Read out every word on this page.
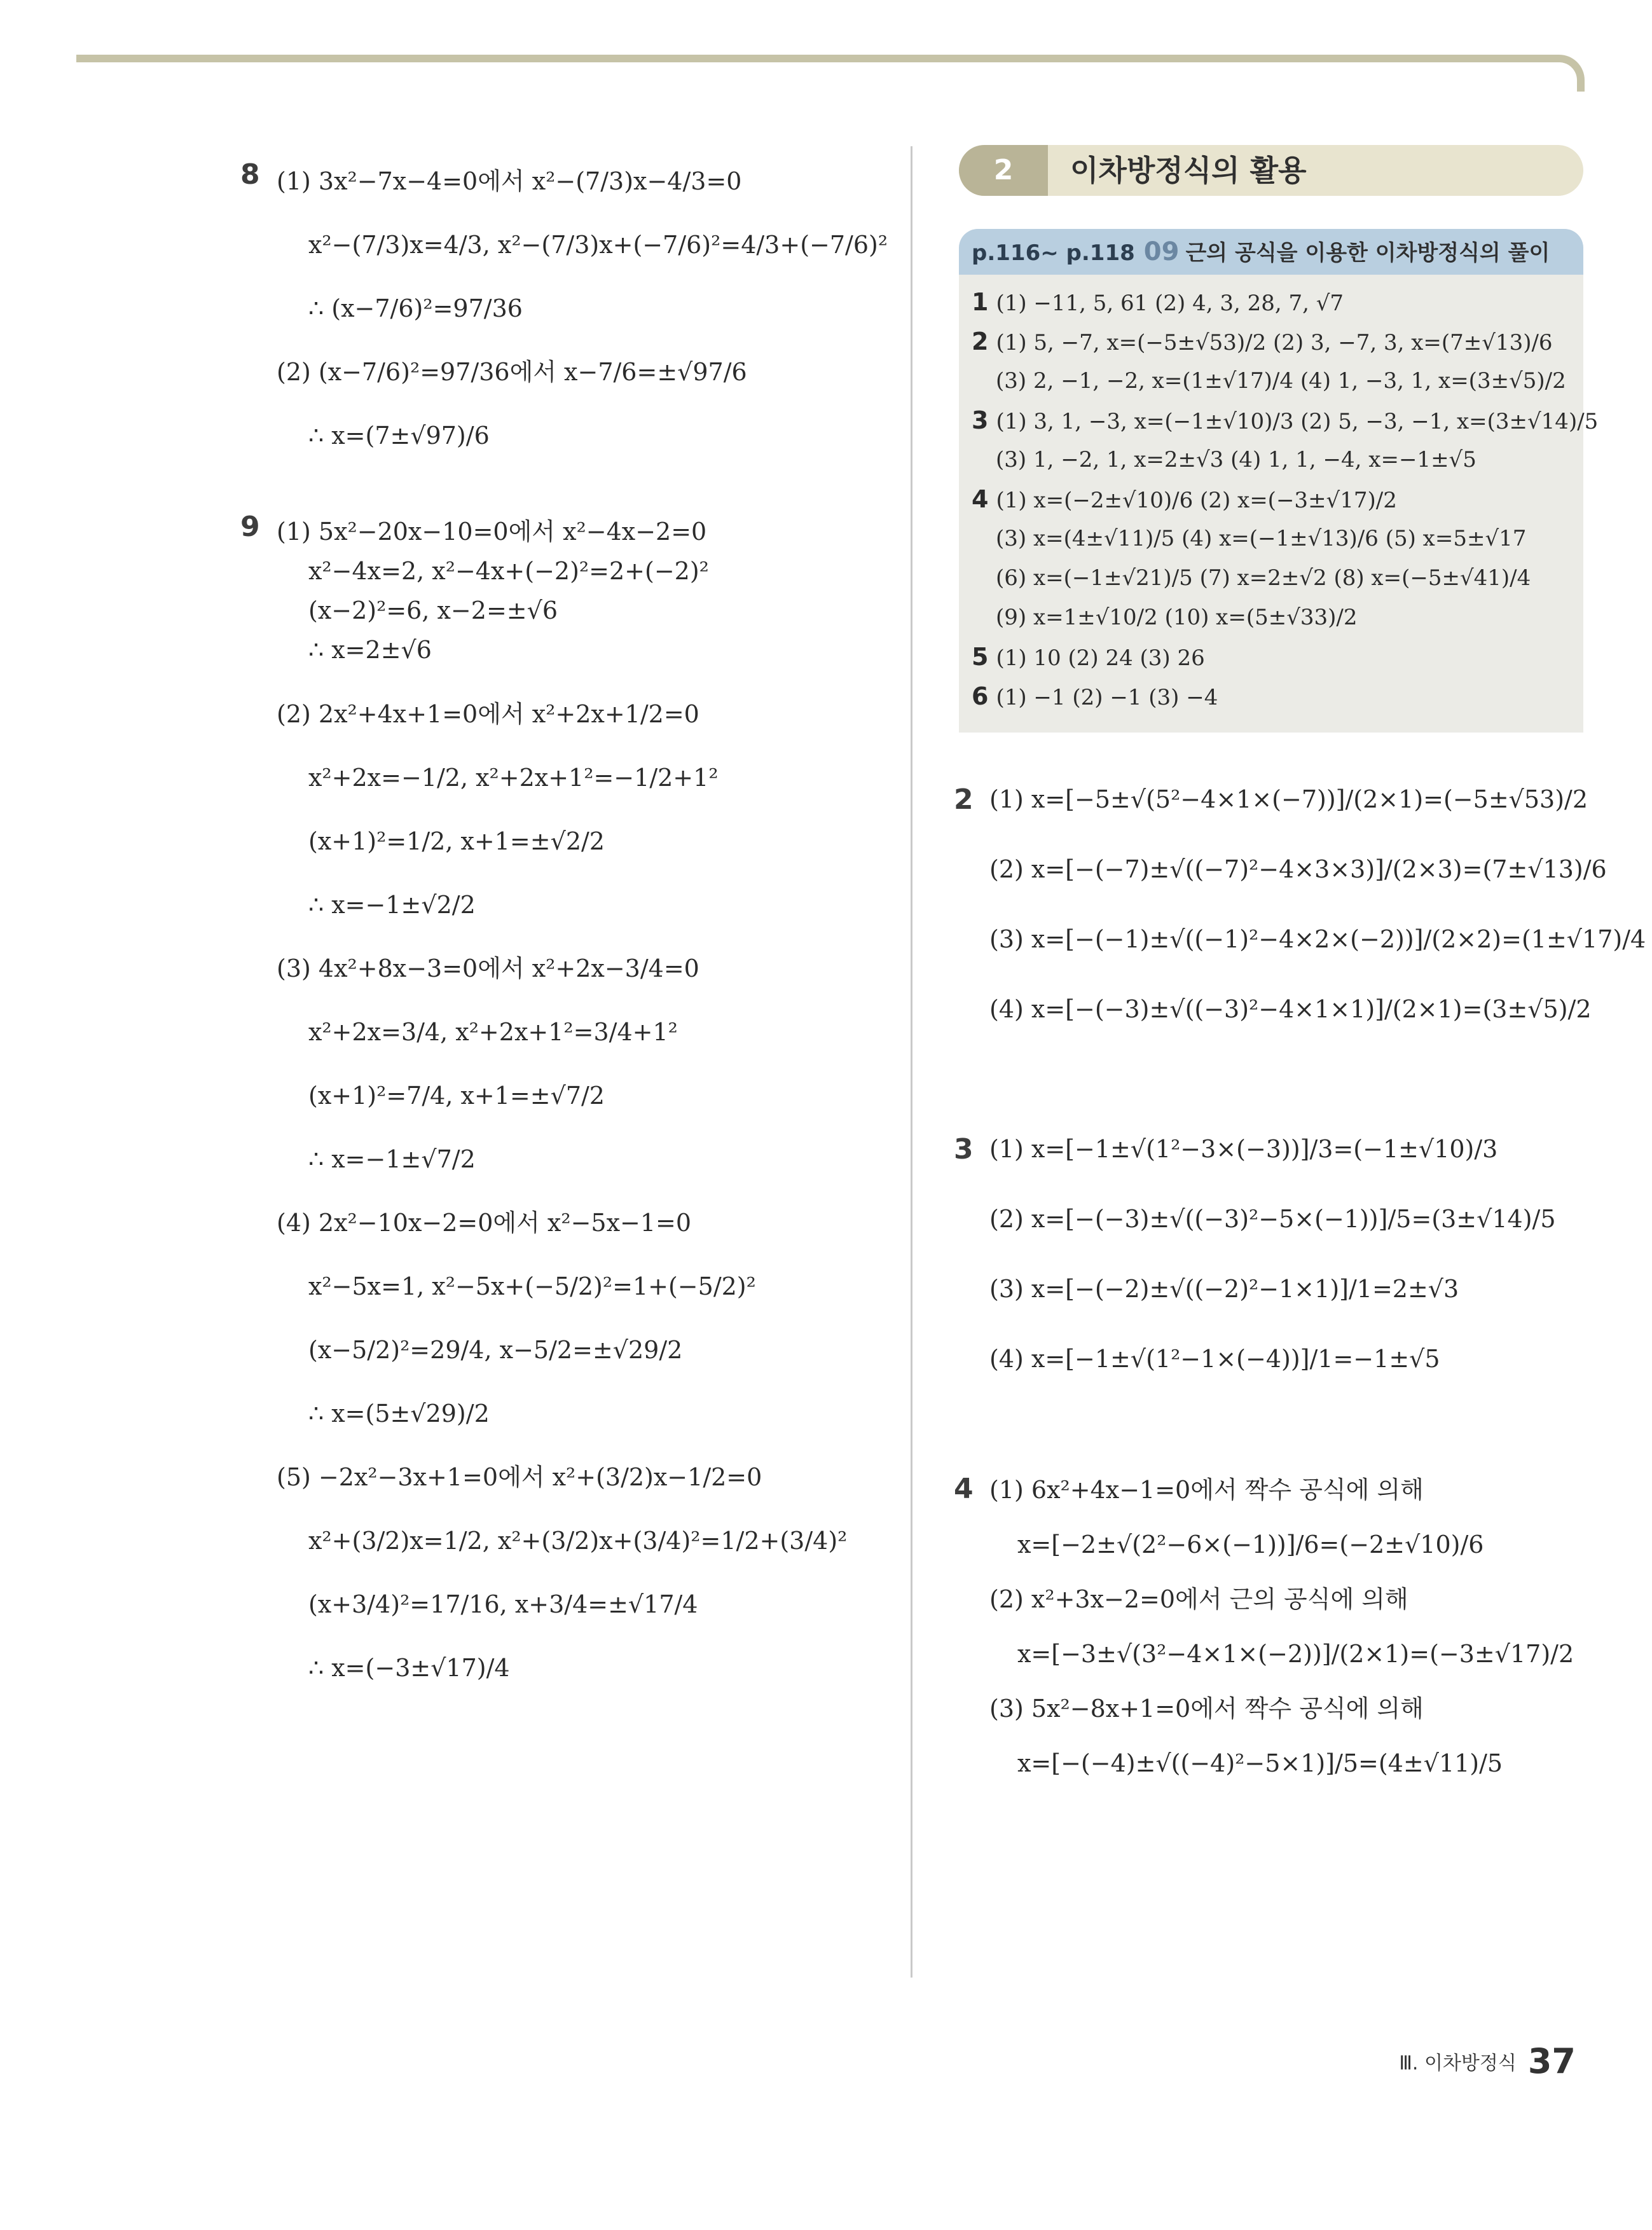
8 (1) 3x²−7x−4=0에서 x²−(7/3)x−4/3=0
x²−(7/3)x=4/3, x²−(7/3)x+(−7/6)²=4/3+(−7/6)²
∴ (x−7/6)²=97/36
(2) (x−7/6)²=97/36에서 x−7/6=±√97/6
∴ x=(7±√97)/6
9 (1) 5x²−20x−10=0에서 x²−4x−2=0
x²−4x=2, x²−4x+(−2)²=2+(−2)²
(x−2)²=6, x−2=±√6
∴ x=2±√6
(2) 2x²+4x+1=0에서 x²+2x+1/2=0
x²+2x=−1/2, x²+2x+1²=−1/2+1²
(x+1)²=1/2, x+1=±√2/2
∴ x=−1±√2/2
(3) 4x²+8x−3=0에서 x²+2x−3/4=0
x²+2x=3/4, x²+2x+1²=3/4+1²
(x+1)²=7/4, x+1=±√7/2
∴ x=−1±√7/2
(4) 2x²−10x−2=0에서 x²−5x−1=0
x²−5x=1, x²−5x+(−5/2)²=1+(−5/2)²
(x−5/2)²=29/4, x−5/2=±√29/2
∴ x=(5±√29)/2
(5) −2x²−3x+1=0에서 x²+(3/2)x−1/2=0
x²+(3/2)x=1/2, x²+(3/2)x+(3/4)²=1/2+(3/4)²
(x+3/4)²=17/16, x+3/4=±√17/4
∴ x=(−3±√17)/4
2	이차방정식의 활용
p.116~ p.118 09 근의 공식을 이용한 이차방정식의 풀이
1 (1) −11, 5, 61 (2) 4, 3, 28, 7, √7
2 (1) 5, −7, x=(−5±√53)/2 (2) 3, −7, 3, x=(7±√13)/6
(3) 2, −1, −2, x=(1±√17)/4 (4) 1, −3, 1, x=(3±√5)/2
3 (1) 3, 1, −3, x=(−1±√10)/3 (2) 5, −3, −1, x=(3±√14)/5
(3) 1, −2, 1, x=2±√3 (4) 1, 1, −4, x=−1±√5
4 (1) x=(−2±√10)/6 (2) x=(−3±√17)/2
(3) x=(4±√11)/5 (4) x=(−1±√13)/6 (5) x=5±√17
(6) x=(−1±√21)/5 (7) x=2±√2 (8) x=(−5±√41)/4
(9) x=1±√10/2 (10) x=(5±√33)/2
5 (1) 10 (2) 24 (3) 26
6 (1) −1 (2) −1 (3) −4
2 (1) x=[−5±√(5²−4×1×(−7))]/(2×1)=(−5±√53)/2
(2) x=[−(−7)±√((−7)²−4×3×3)]/(2×3)=(7±√13)/6
(3) x=[−(−1)±√((−1)²−4×2×(−2))]/(2×2)=(1±√17)/4
(4) x=[−(−3)±√((−3)²−4×1×1)]/(2×1)=(3±√5)/2
3 (1) x=[−1±√(1²−3×(−3))]/3=(−1±√10)/3
(2) x=[−(−3)±√((−3)²−5×(−1))]/5=(3±√14)/5
(3) x=[−(−2)±√((−2)²−1×1)]/1=2±√3
(4) x=[−1±√(1²−1×(−4))]/1=−1±√5
4 (1) 6x²+4x−1=0에서 짝수 공식에 의해
x=[−2±√(2²−6×(−1))]/6=(−2±√10)/6
(2) x²+3x−2=0에서 근의 공식에 의해
x=[−3±√(3²−4×1×(−2))]/(2×1)=(−3±√17)/2
(3) 5x²−8x+1=0에서 짝수 공식에 의해
x=[−(−4)±√((−4)²−5×1)]/5=(4±√11)/5
Ⅲ. 이차방정식 37
